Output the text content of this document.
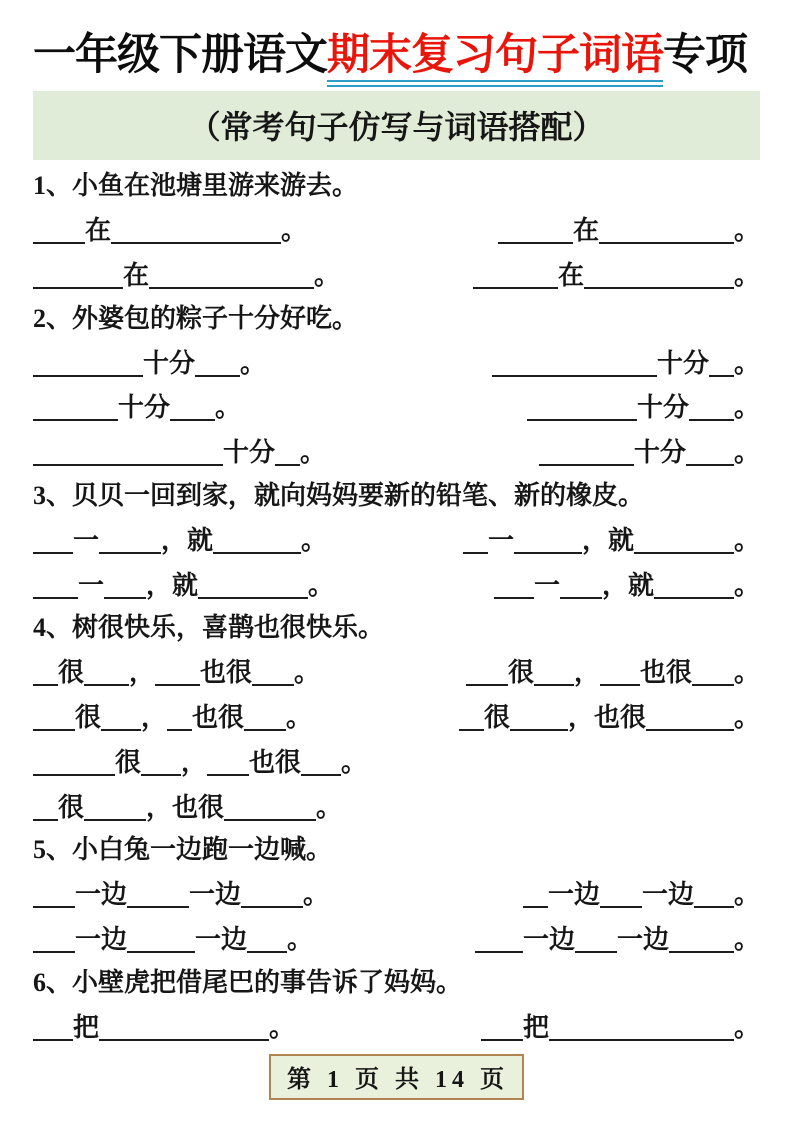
一年级下册语文期末复习句子词语专项
（常考句子仿写与词语搭配）

1、小鱼在池塘里游来游去。

在	。	在	。
在	。	在	。

2、外婆包的粽子十分好吃。

十分 。	十分 。
十分 。	十分 。
十分 。	十分 。

3、贝贝一回到家，就向妈妈要新的铅笔、新的橡皮。

一 ，就	。	一	，就	。
一 ，就	。	一 ，就	。

4、树很快乐，喜鹊也很快乐。

很 ， 也很 。	很 ， 也很 。
很 ， 也很 。	很 ，也很	。
很 ， 也很 。
很 ，也很	。

5、小白兔一边跑一边喊。

一边 一边 。	一边 一边 。
一边	一边 。	一边 一边	。

6、小壁虎把借尾巴的事告诉了妈妈。

把	。	把	。
第 1 页 共 14 页
